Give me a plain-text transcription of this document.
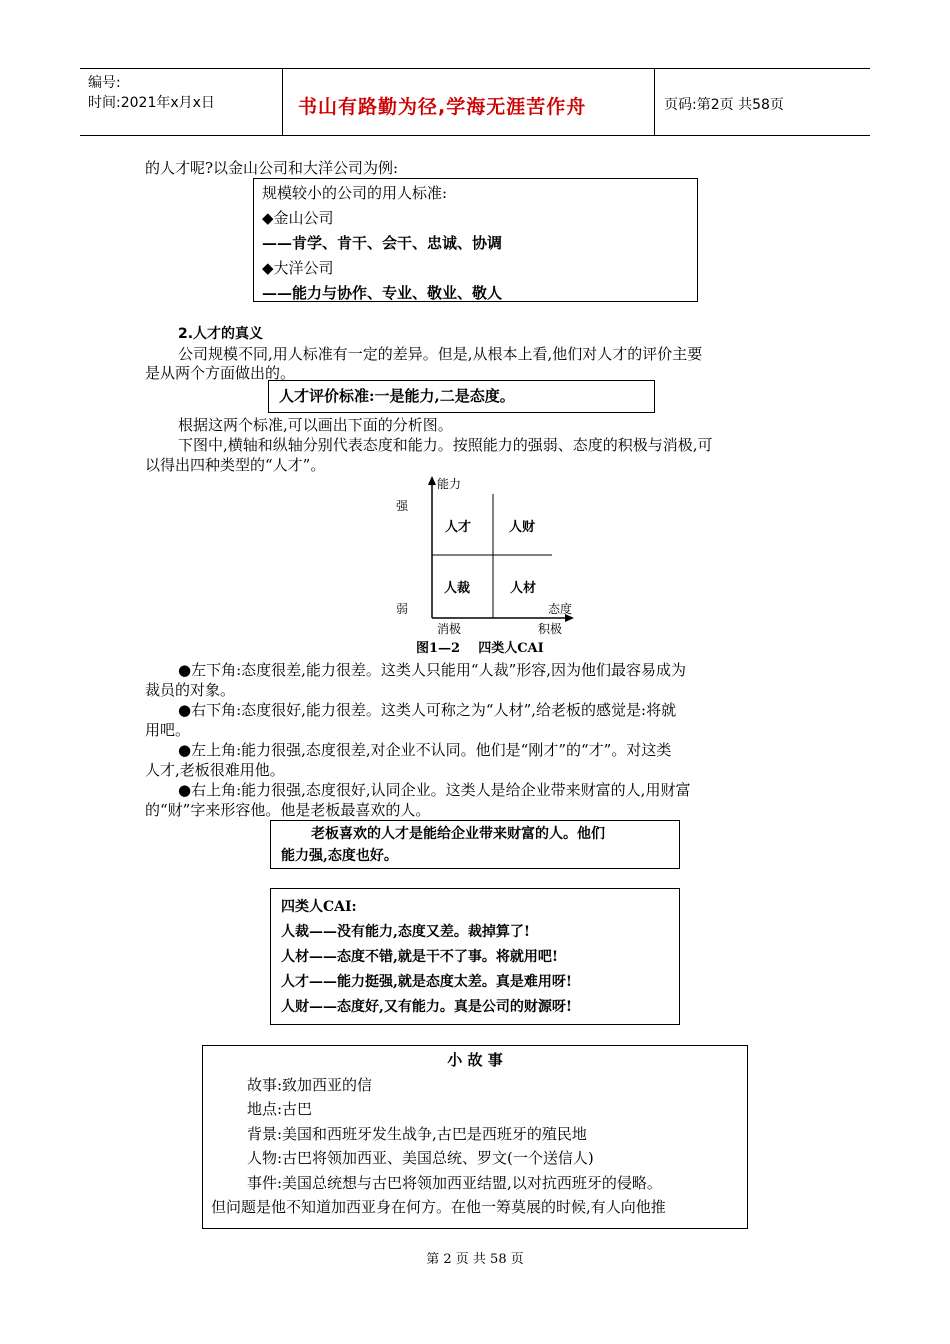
编号:
时间:2021年x月x日	书山有路勤为径,学海无涯苦作舟	页码:第2页 共58页

的人才呢?以金山公司和大洋公司为例:

规模较小的公司的用人标准:

◆金山公司

——肯学、肯干、会干、忠诚、协调

◆大洋公司

——能力与协作、专业、敬业、敬人

2.人才的真义

公司规模不同,用人标准有一定的差异。但是,从根本上看,他们对人才的评价主要

是从两个方面做出的。

人才评价标准:一是能力,二是态度。

根据这两个标准,可以画出下面的分析图。

下图中,横轴和纵轴分别代表态度和能力。按照能力的强弱、态度的积极与消极,可

以得出四种类型的“人才”。

能力
强
弱	态度
消极	积极
人才	人财
人裁	人材
图1—2    四类人CAI

●左下角:态度很差,能力很差。这类人只能用“人裁”形容,因为他们最容易成为

裁员的对象。

●右下角:态度很好,能力很差。这类人可称之为“人材”,给老板的感觉是:将就

用吧。

●左上角:能力很强,态度很差,对企业不认同。他们是“刚才”的“才”。对这类

人才,老板很难用他。

●右上角:能力很强,态度很好,认同企业。这类人是给企业带来财富的人,用财富

的“财”字来形容他。他是老板最喜欢的人。

老板喜欢的人才是能给企业带来财富的人。他们

能力强,态度也好。

四类人CAI:

人裁——没有能力,态度又差。裁掉算了!

人材——态度不错,就是干不了事。将就用吧!

人才——能力挺强,就是态度太差。真是难用呀!

人财——态度好,又有能力。真是公司的财源呀!

小 故 事

故事:致加西亚的信

地点:古巴

背景:美国和西班牙发生战争,古巴是西班牙的殖民地

人物:古巴将领加西亚、美国总统、罗文(一个送信人)

事件:美国总统想与古巴将领加西亚结盟,以对抗西班牙的侵略。

但问题是他不知道加西亚身在何方。在他一筹莫展的时候,有人向他推

第 2 页 共 58 页
